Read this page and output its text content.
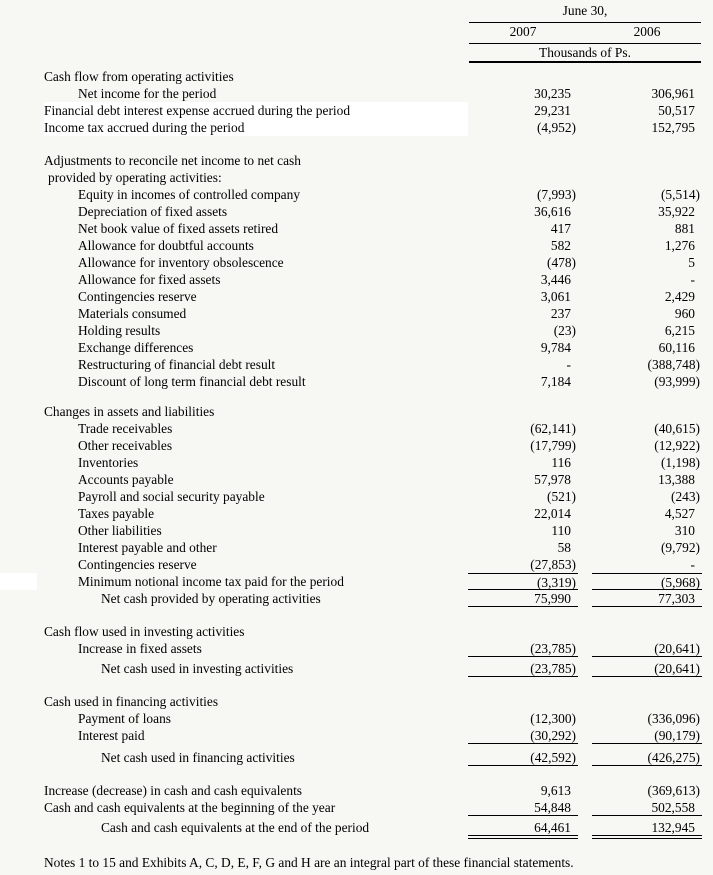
June 30,
2007	2006
Thousands of Ps.
Cash flow from operating activities
Net income for the period	30,235	306,961
Financial debt interest expense accrued during the period	29,231	50,517
Income tax accrued during the period	(4,952)	152,795
Adjustments to reconcile net income to net cash
provided by operating activities:
Equity in incomes of controlled company	(7,993)	(5,514)
Depreciation of fixed assets	36,616	35,922
Net book value of fixed assets retired	417	881
Allowance for doubtful accounts	582	1,276
Allowance for inventory obsolescence	(478)	5
Allowance for fixed assets	3,446	-
Contingencies reserve	3,061	2,429
Materials consumed	237	960
Holding results	(23)	6,215
Exchange differences	9,784	60,116
Restructuring of financial debt result	-	(388,748)
Discount of long term financial debt result	7,184	(93,999)
Changes in assets and liabilities
Trade receivables	(62,141)	(40,615)
Other receivables	(17,799)	(12,922)
Inventories	116	(1,198)
Accounts payable	57,978	13,388
Payroll and social security payable	(521)	(243)
Taxes payable	22,014	4,527
Other liabilities	110	310
Interest payable and other	58	(9,792)
Contingencies reserve	(27,853)	-
Minimum notional income tax paid for the period	(3,319)	(5,968)
Net cash provided by operating activities	75,990	77,303
Cash flow used in investing activities
Increase in fixed assets	(23,785)	(20,641)
Net cash used in investing activities	(23,785)	(20,641)
Cash used in financing activities
Payment of loans	(12,300)	(336,096)
Interest paid	(30,292)	(90,179)
Net cash used in financing activities	(42,592)	(426,275)
Increase (decrease) in cash and cash equivalents	9,613	(369,613)
Cash and cash equivalents at the beginning of the year	54,848	502,558
Cash and cash equivalents at the end of the period	64,461	132,945
Notes 1 to 15 and Exhibits A, C, D, E, F, G and H are an integral part of these financial statements.
